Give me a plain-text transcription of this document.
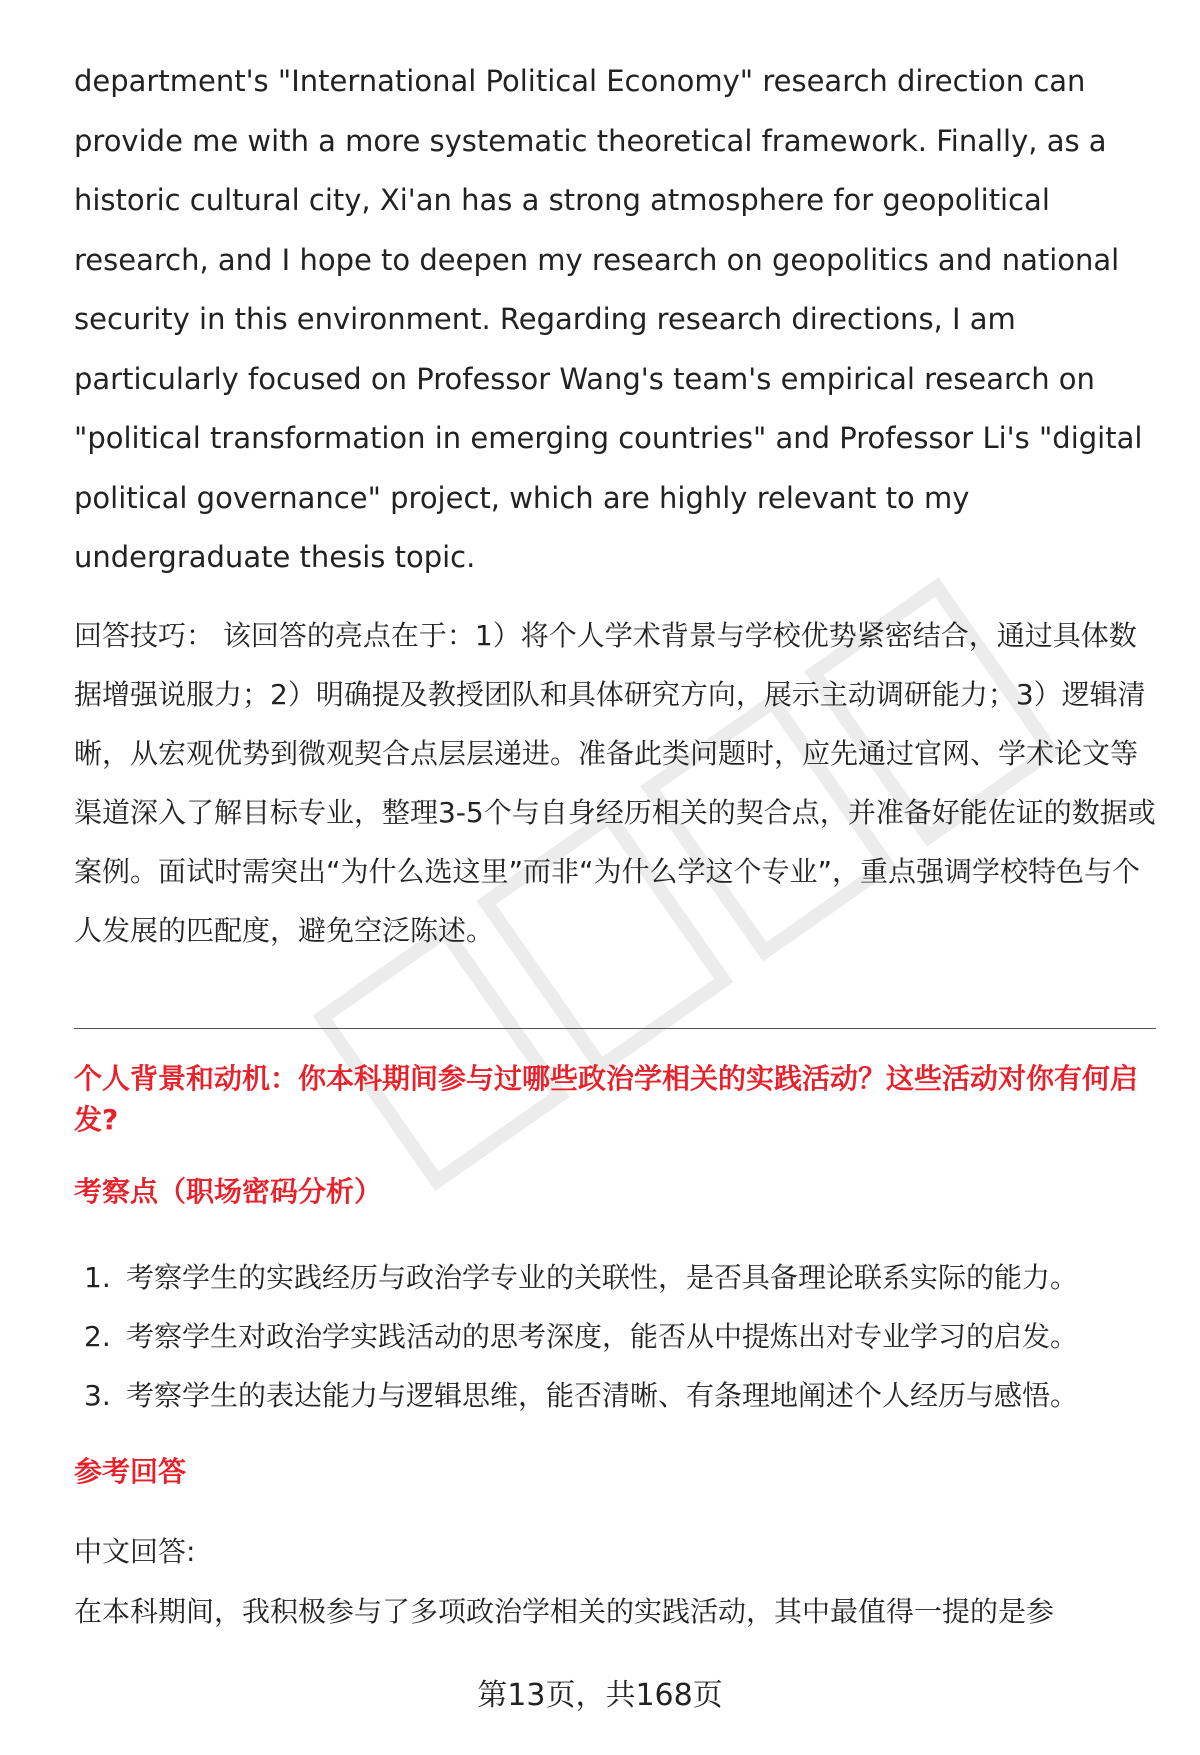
department's "International Political Economy" research direction can provide me with a more systematic theoretical framework. Finally, as a historic cultural city, Xi'an has a strong atmosphere for geopolitical research, and I hope to deepen my research on geopolitics and national security in this environment. Regarding research directions, I am particularly focused on Professor Wang's team's empirical research on "political transformation in emerging countries" and Professor Li's "digital political governance" project, which are highly relevant to my undergraduate thesis topic.

回答技巧： 该回答的亮点在于：1）将个人学术背景与学校优势紧密结合，通过具体数据增强说服力；2）明确提及教授团队和具体研究方向，展示主动调研能力；3）逻辑清晰，从宏观优势到微观契合点层层递进。准备此类问题时，应先通过官网、学术论文等渠道深入了解目标专业，整理3-5个与自身经历相关的契合点，并准备好能佐证的数据或案例。面试时需突出“为什么选这里”而非“为什么学这个专业”，重点强调学校特色与个人发展的匹配度，避免空泛陈述。

个人背景和动机：你本科期间参与过哪些政治学相关的实践活动？这些活动对你有何启发?

考察点（职场密码分析）

1. 考察学生的实践经历与政治学专业的关联性，是否具备理论联系实际的能力。
2. 考察学生对政治学实践活动的思考深度，能否从中提炼出对专业学习的启发。
3. 考察学生的表达能力与逻辑思维，能否清晰、有条理地阐述个人经历与感悟。

参考回答

中文回答:

在本科期间，我积极参与了多项政治学相关的实践活动，其中最值得一提的是参

第13页，共168页
